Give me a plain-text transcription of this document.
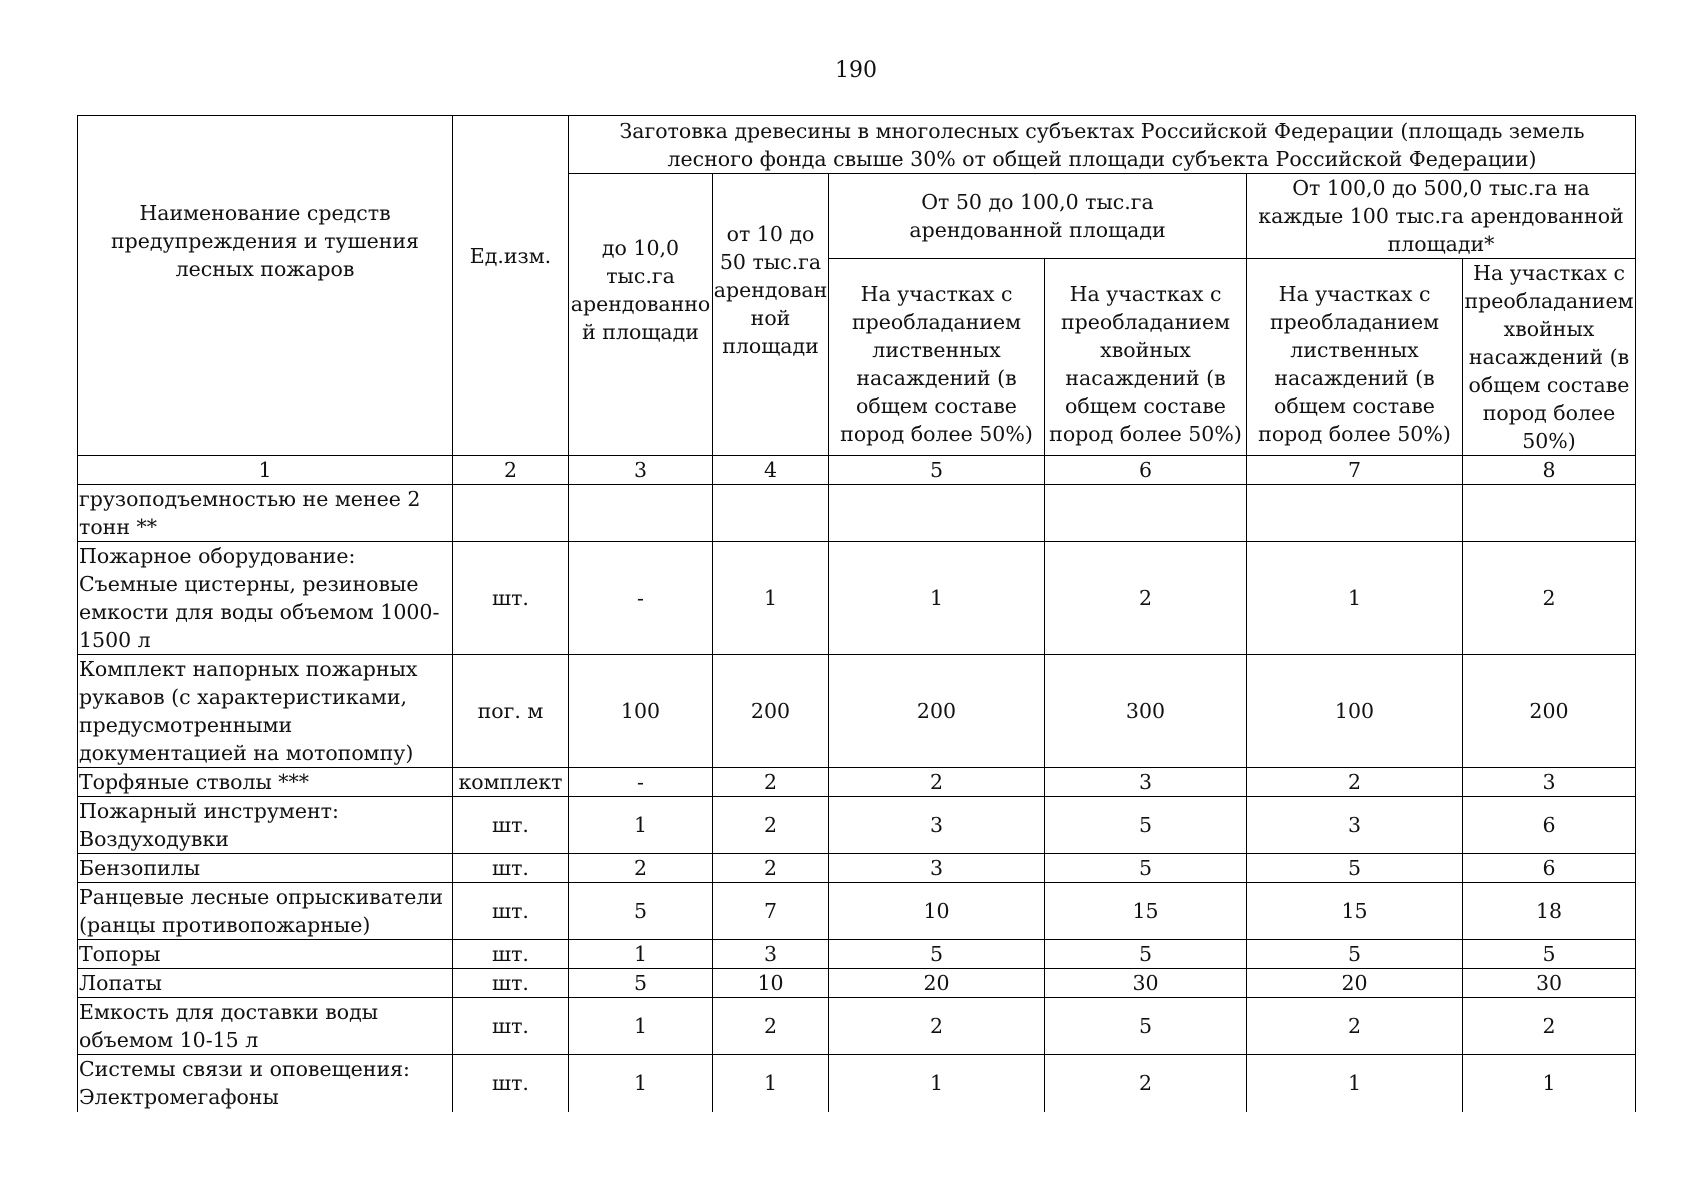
190
Наименование средств предупреждения и тушения лесных пожаров	Ед.изм.	Заготовка древесины в многолесных субъектах Российской Федерации (площадь земель лесного фонда свыше 30% от общей площади субъекта Российской Федерации)					
		до 10,0 тыс.га арендованно й площади	от 10 до 50 тыс.га арендован ной площади	От 50 до 100,0 тыс.га арендованной площади		От 100,0 до 500,0 тыс.га на каждые 100 тыс.га арендованной площади*	
				На участках с преобладанием лиственных насаждений (в общем составе пород более 50%)	На участках с преобладанием хвойных насаждений (в общем составе пород более 50%)	На участках с преобладанием лиственных насаждений (в общем составе пород более 50%)	На участках с преобладанием хвойных насаждений (в общем составе пород более 50%)
1	2	3	4	5	6	7	8
грузоподъемностью не менее 2 тонн **							
Пожарное оборудование: Съемные цистерны, резиновые емкости для воды объемом 1000-1500 л	шт.	-	1	1	2	1	2
Комплект напорных пожарных рукавов (с характеристиками, предусмотренными документацией на мотопомпу)	пог. м	100	200	200	300	100	200
Торфяные стволы ***	комплект	-	2	2	3	2	3
Пожарный инструмент: Воздуходувки	шт.	1	2	3	5	3	6
Бензопилы	шт.	2	2	3	5	5	6
Ранцевые лесные опрыскиватели (ранцы противопожарные)	шт.	5	7	10	15	15	18
Топоры	шт.	1	3	5	5	5	5
Лопаты	шт.	5	10	20	30	20	30
Емкость для доставки воды объемом 10-15 л	шт.	1	2	2	5	2	2
Системы связи и оповещения: Электромегафоны	шт.	1	1	1	2	1	1
